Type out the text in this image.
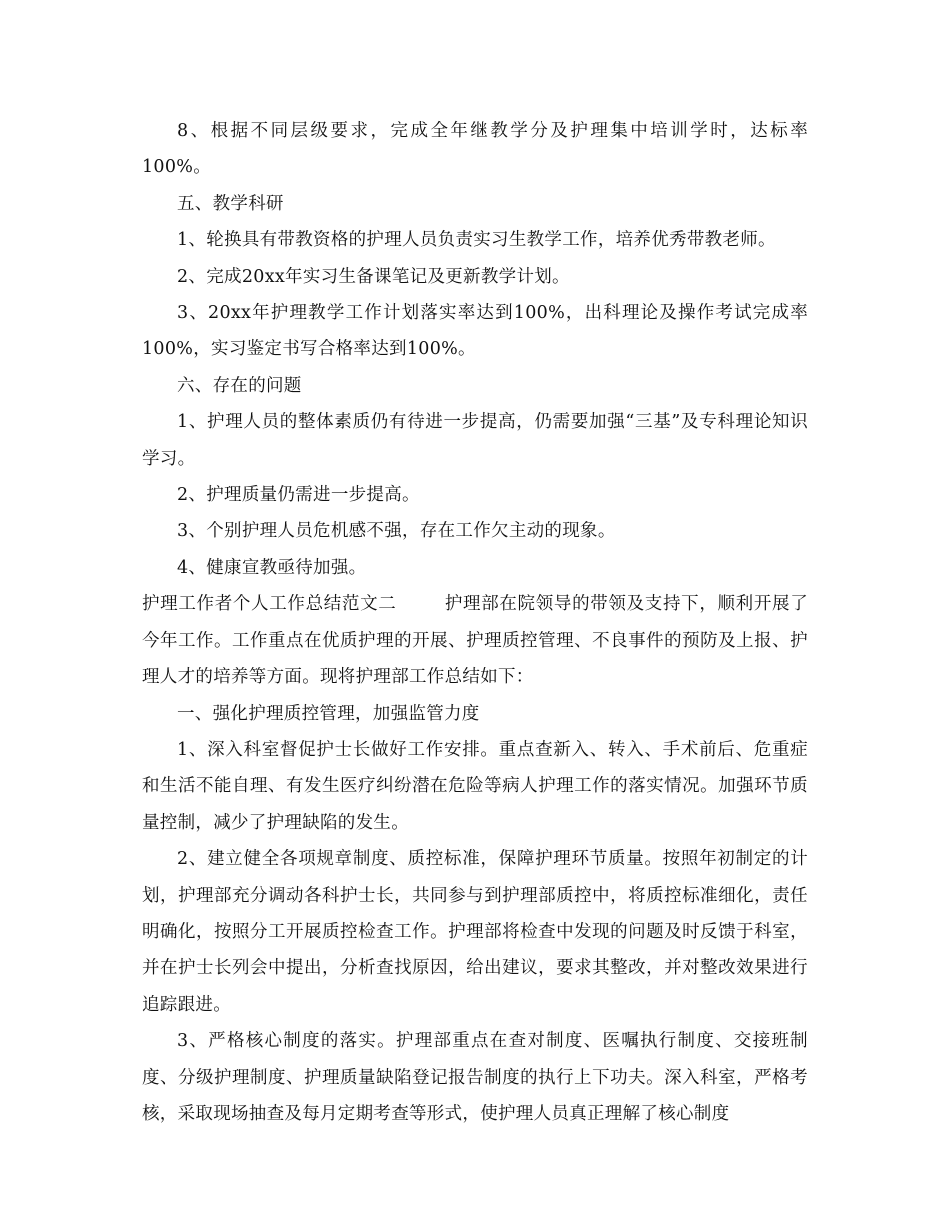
8、根据不同层级要求，完成全年继教学分及护理集中培训学时，达标率100%。

五、教学科研

1、轮换具有带教资格的护理人员负责实习生教学工作，培养优秀带教老师。

2、完成20xx年实习生备课笔记及更新教学计划。

3、20xx年护理教学工作计划落实率达到100%，出科理论及操作考试完成率100%，实习鉴定书写合格率达到100%。

六、存在的问题

1、护理人员的整体素质仍有待进一步提高，仍需要加强“三基”及专科理论知识学习。

2、护理质量仍需进一步提高。

3、个别护理人员危机感不强，存在工作欠主动的现象。

4、健康宣教亟待加强。

护理工作者个人工作总结范文二	护理部在院领导的带领及支持下，顺利开展了今年工作。工作重点在优质护理的开展、护理质控管理、不良事件的预防及上报、护理人才的培养等方面。现将护理部工作总结如下：

一、强化护理质控管理，加强监管力度

1、深入科室督促护士长做好工作安排。重点查新入、转入、手术前后、危重症和生活不能自理、有发生医疗纠纷潜在危险等病人护理工作的落实情况。加强环节质量控制，减少了护理缺陷的发生。

2、建立健全各项规章制度、质控标准，保障护理环节质量。按照年初制定的计划，护理部充分调动各科护士长，共同参与到护理部质控中，将质控标准细化，责任明确化，按照分工开展质控检查工作。护理部将检查中发现的问题及时反馈于科室，并在护士长列会中提出，分析查找原因，给出建议，要求其整改，并对整改效果进行追踪跟进。

3、严格核心制度的落实。护理部重点在查对制度、医嘱执行制度、交接班制度、分级护理制度、护理质量缺陷登记报告制度的执行上下功夫。深入科室，严格考核，采取现场抽查及每月定期考查等形式，使护理人员真正理解了核心制度
